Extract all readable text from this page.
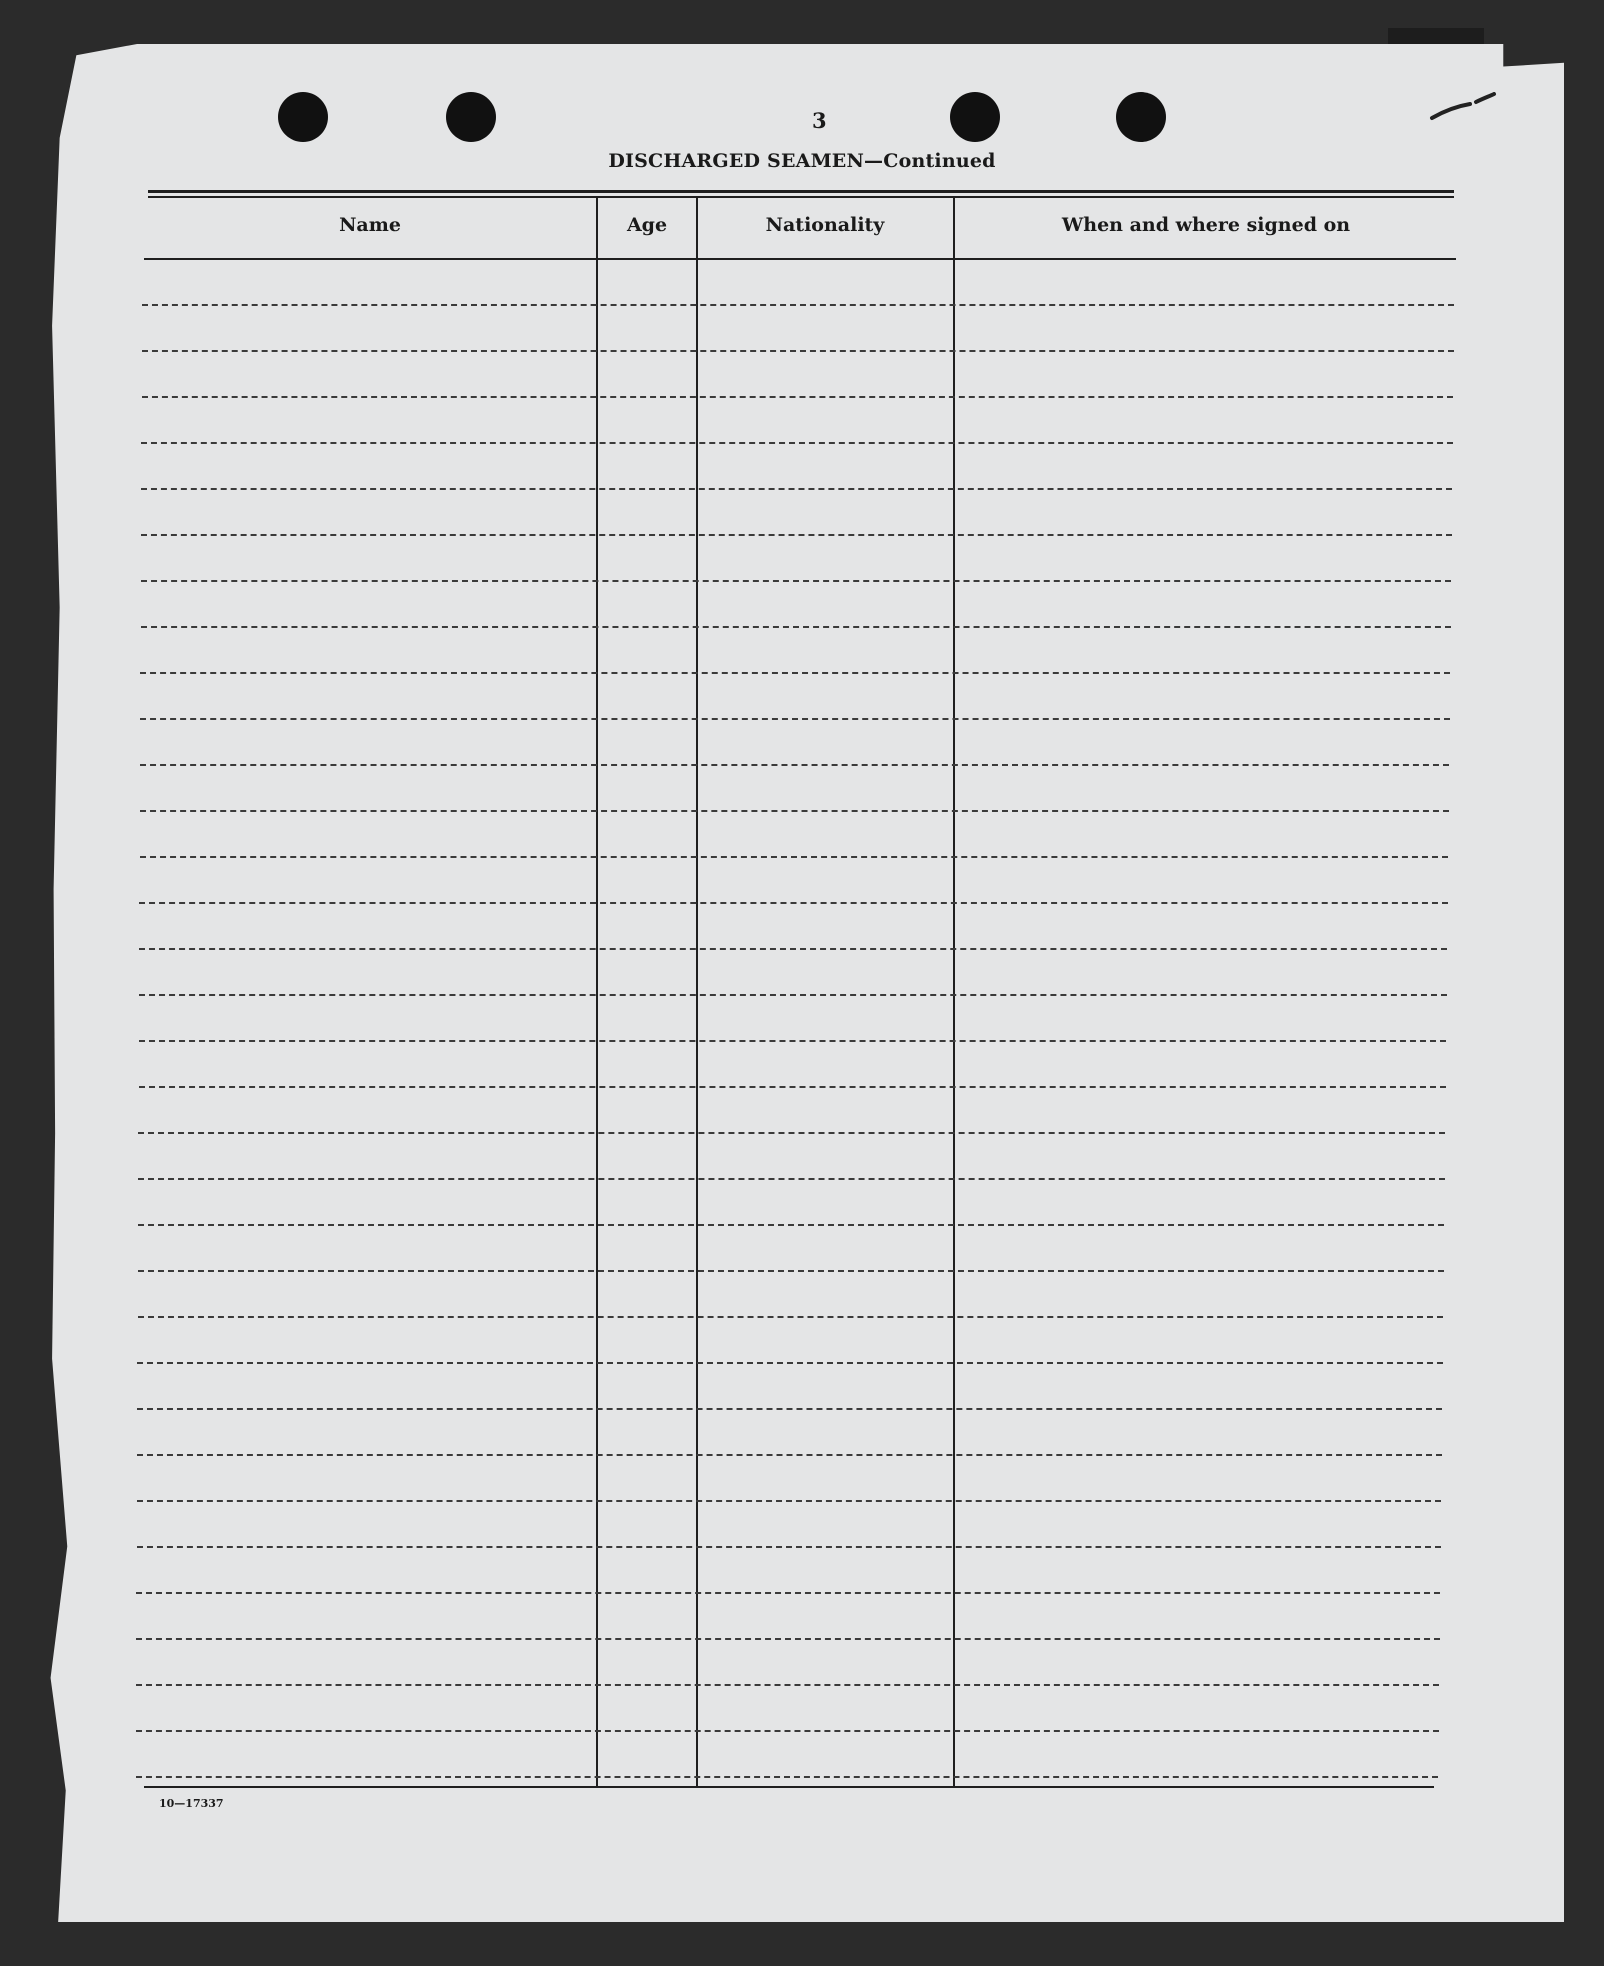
3
DISCHARGED SEAMEN—Continued
Name	Age	Nationality	When and where signed on
10—17337
